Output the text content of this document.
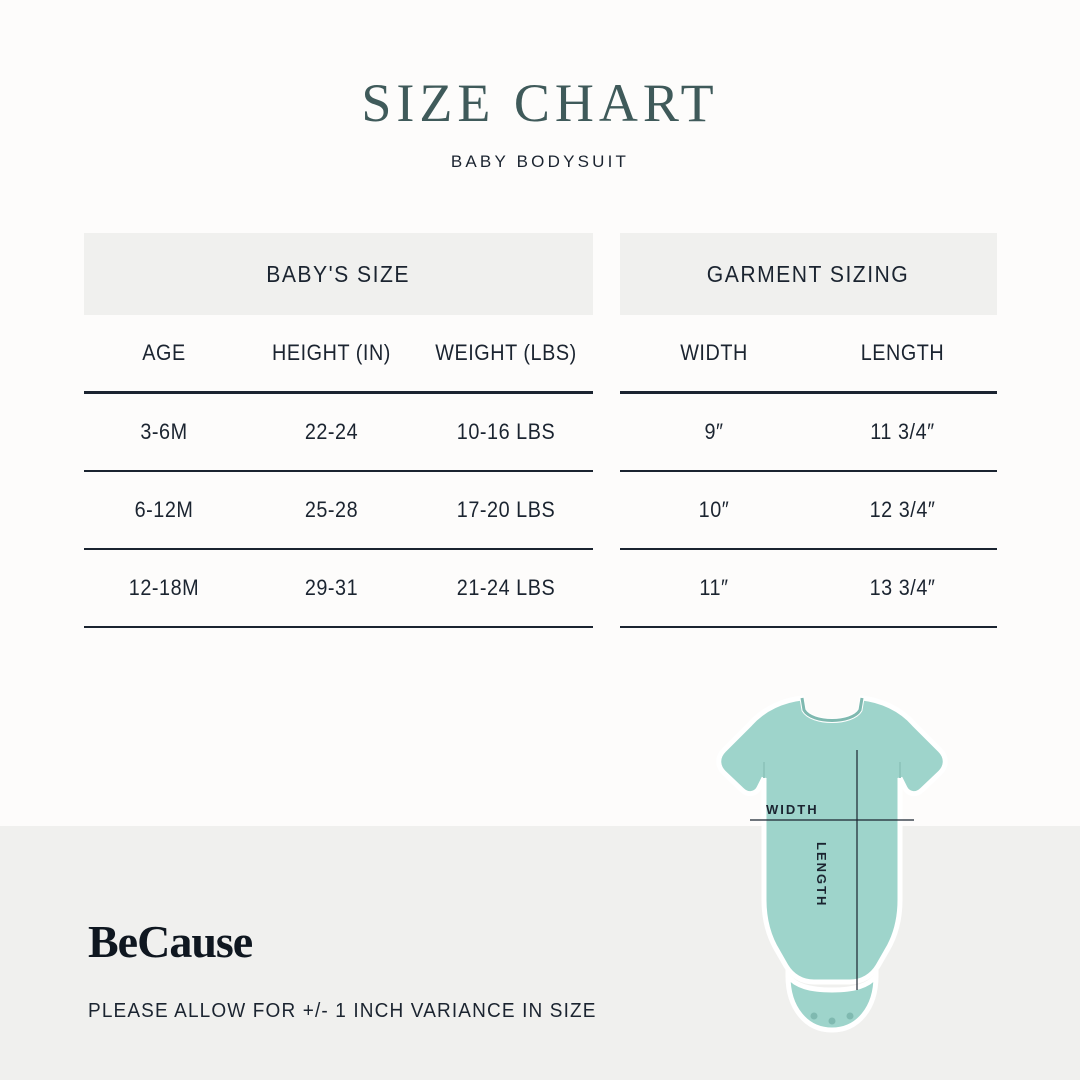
SIZE CHART
BABY BODYSUIT
BABY'S SIZE
AGE	HEIGHT (IN)	WEIGHT (LBS)
3-6M	22-24	10-16 LBS
6-12M	25-28	17-20 LBS
12-18M	29-31	21-24 LBS
GARMENT SIZING
WIDTH	LENGTH
9″	11 3/4″
10″	12 3/4″
11″	13 3/4″
BeCause
PLEASE ALLOW FOR +/- 1 INCH VARIANCE IN SIZE
WIDTH
LENGTH
